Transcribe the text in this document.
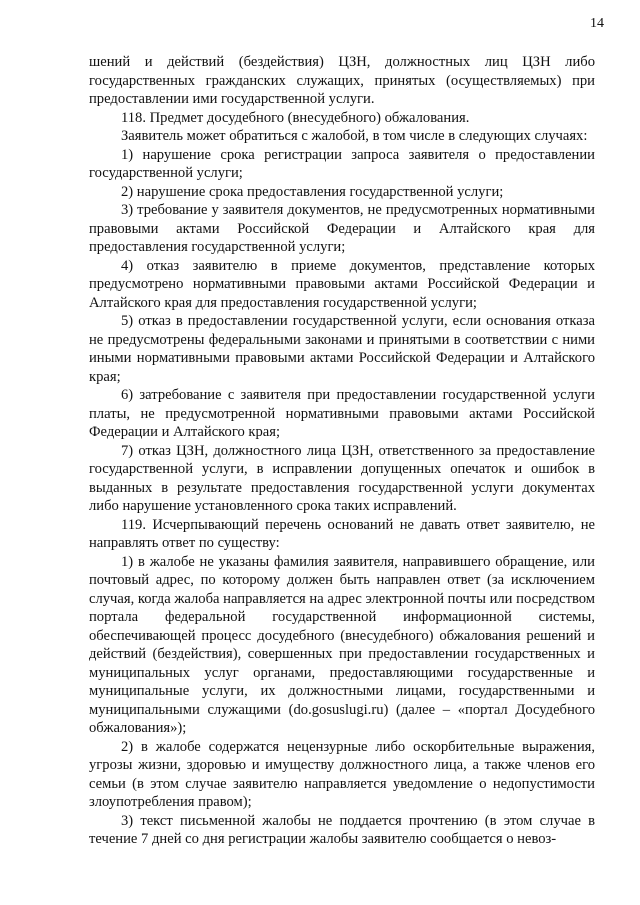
14

шений и действий (бездействия) ЦЗН, должностных лиц ЦЗН либо государственных гражданских служащих, принятых (осуществляемых) при предоставлении ими государственной услуги.

118. Предмет досудебного (внесудебного) обжалования.

Заявитель может обратиться с жалобой, в том числе в следующих случаях:

1) нарушение срока регистрации запроса заявителя о предоставлении государственной услуги;

2) нарушение срока предоставления государственной услуги;

3) требование у заявителя документов, не предусмотренных нормативными правовыми актами Российской Федерации и Алтайского края для предоставления государственной услуги;

4) отказ заявителю в приеме документов, представление которых предусмотрено нормативными правовыми актами Российской Федерации и Алтайского края для предоставления государственной услуги;

5) отказ в предоставлении государственной услуги, если основания отказа не предусмотрены федеральными законами и принятыми в соответствии с ними иными нормативными правовыми актами Российской Федерации и Алтайского края;

6) затребование с заявителя при предоставлении государственной услуги платы, не предусмотренной нормативными правовыми актами Российской Федерации и Алтайского края;

7) отказ ЦЗН, должностного лица ЦЗН, ответственного за предоставление государственной услуги, в исправлении допущенных опечаток и ошибок в выданных в результате предоставления государственной услуги документах либо нарушение установленного срока таких исправлений.

119. Исчерпывающий перечень оснований не давать ответ заявителю, не направлять ответ по существу:

1) в жалобе не указаны фамилия заявителя, направившего обращение, или почтовый адрес, по которому должен быть направлен ответ (за исключением случая, когда жалоба направляется на адрес электронной почты или посредством портала федеральной государственной информационной системы, обеспечивающей процесс досудебного (внесудебного) обжалования решений и действий (бездействия), совершенных при предоставлении государственных и муниципальных услуг органами, предоставляющими государственные и муниципальные услуги, их должностными лицами, государственными и муниципальными служащими (do.gosuslugi.ru) (далее – «портал Досудебного обжалования»);

2) в жалобе содержатся нецензурные либо оскорбительные выражения, угрозы жизни, здоровью и имуществу должностного лица, а также членов его семьи (в этом случае заявителю направляется уведомление о недопустимости злоупотребления правом);

3) текст письменной жалобы не поддается прочтению (в этом случае в течение 7 дней со дня регистрации жалобы заявителю сообщается о невоз-
